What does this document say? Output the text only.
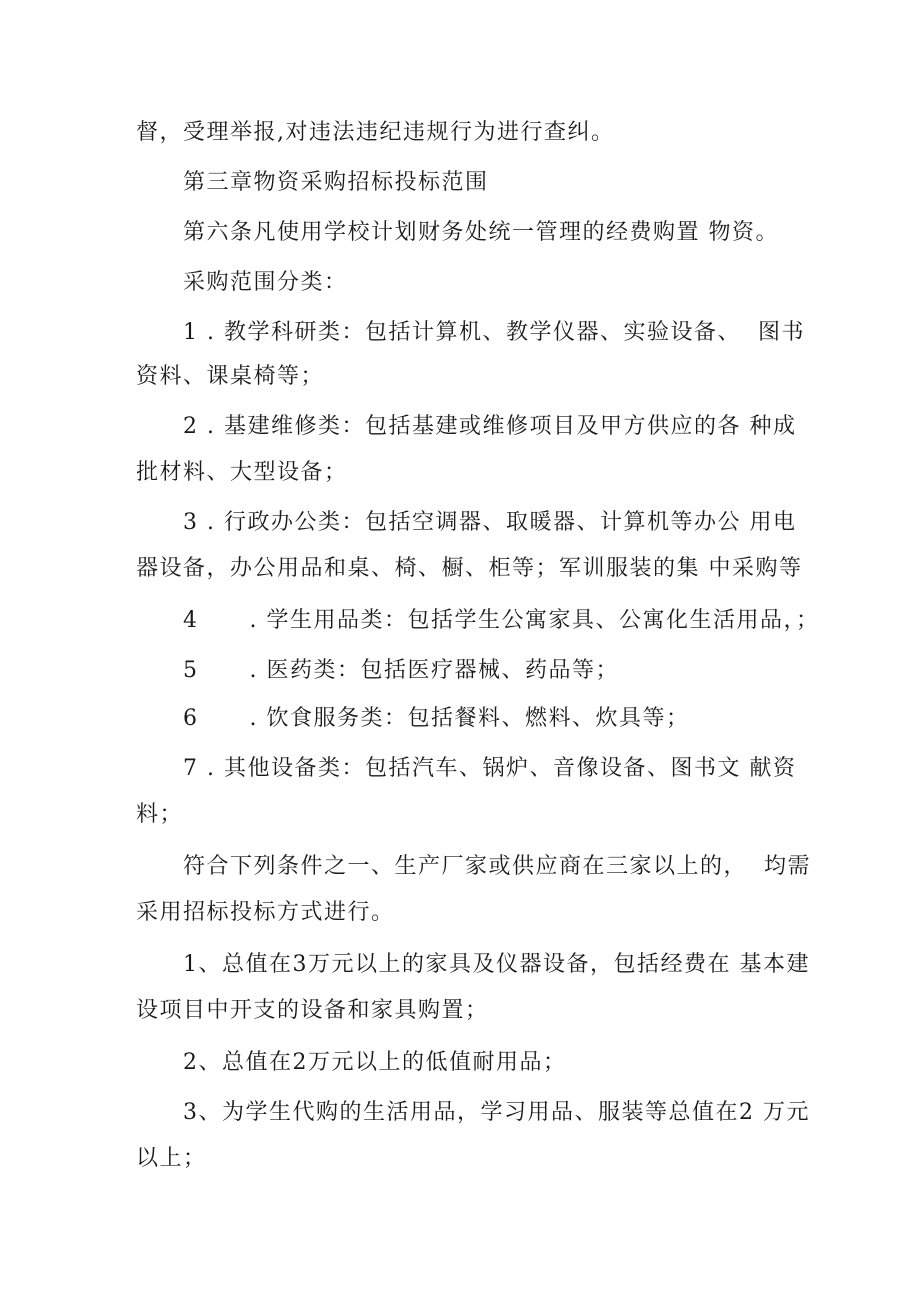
督，受理举报,对违法违纪违规行为进行查纠。
第三章物资采购招标投标范围
第六条凡使用学校计划财务处统一管理的经费购置 物资。
采购范围分类：
1 . 教学科研类：包括计算机、教学仪器、实验设备、  图书
资料、课桌椅等；
2 . 基建维修类：包括基建或维修项目及甲方供应的各 种成
批材料、大型设备；
3 . 行政办公类：包括空调器、取暖器、计算机等办公 用电
器设备，办公用品和桌、椅、橱、柜等；军训服装的集 中采购等
4      . 学生用品类：包括学生公寓家具、公寓化生活用品，；
5      . 医药类：包括医疗器械、药品等；
6      . 饮食服务类：包括餐料、燃料、炊具等；
7 . 其他设备类：包括汽车、锅炉、音像设备、图书文 献资
料；
符合下列条件之一、生产厂家或供应商在三家以上的，  均需
采用招标投标方式进行。
1、总值在3万元以上的家具及仪器设备，包括经费在 基本建
设项目中开支的设备和家具购置；
2、总值在2万元以上的低值耐用品；
3、为学生代购的生活用品，学习用品、服装等总值在2 万元
以上；
